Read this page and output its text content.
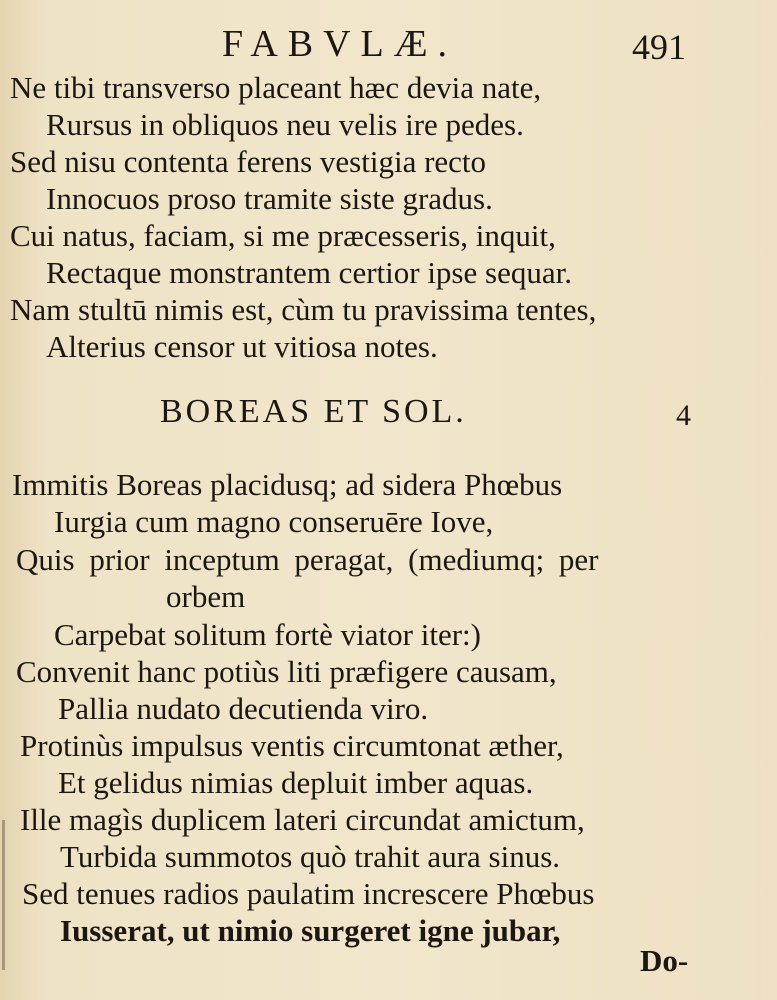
FABVLÆ.	491
Ne tibi transverso placeant hæc devia nate,
Rursus in obliquos neu velis ire pedes.
Sed nisu contenta ferens vestigia recto
Innocuos proso tramite siste gradus.
Cui natus, faciam, si me præcesseris, inquit,
Rectaque monstrantem certior ipse sequar.
Nam stultū nimis est, cùm tu pravissima tentes,
Alterius censor ut vitiosa notes.
BOREAS ET SOL.	4
Immitis Boreas placidusq; ad sidera Phœbus
Iurgia cum magno conseruēre Iove,
Quis prior inceptum peragat, (mediumq; per
orbem
Carpebat solitum fortè viator iter:)
Convenit hanc potiùs liti præfigere causam,
Pallia nudato decutienda viro.
Protinùs impulsus ventis circumtonat æther,
Et gelidus nimias depluit imber aquas.
Ille magìs duplicem lateri circundat amictum,
Turbida summotos quò trahit aura sinus.
Sed tenues radios paulatim increscere Phœbus
Iusserat, ut nimio surgeret igne jubar,
Do-
